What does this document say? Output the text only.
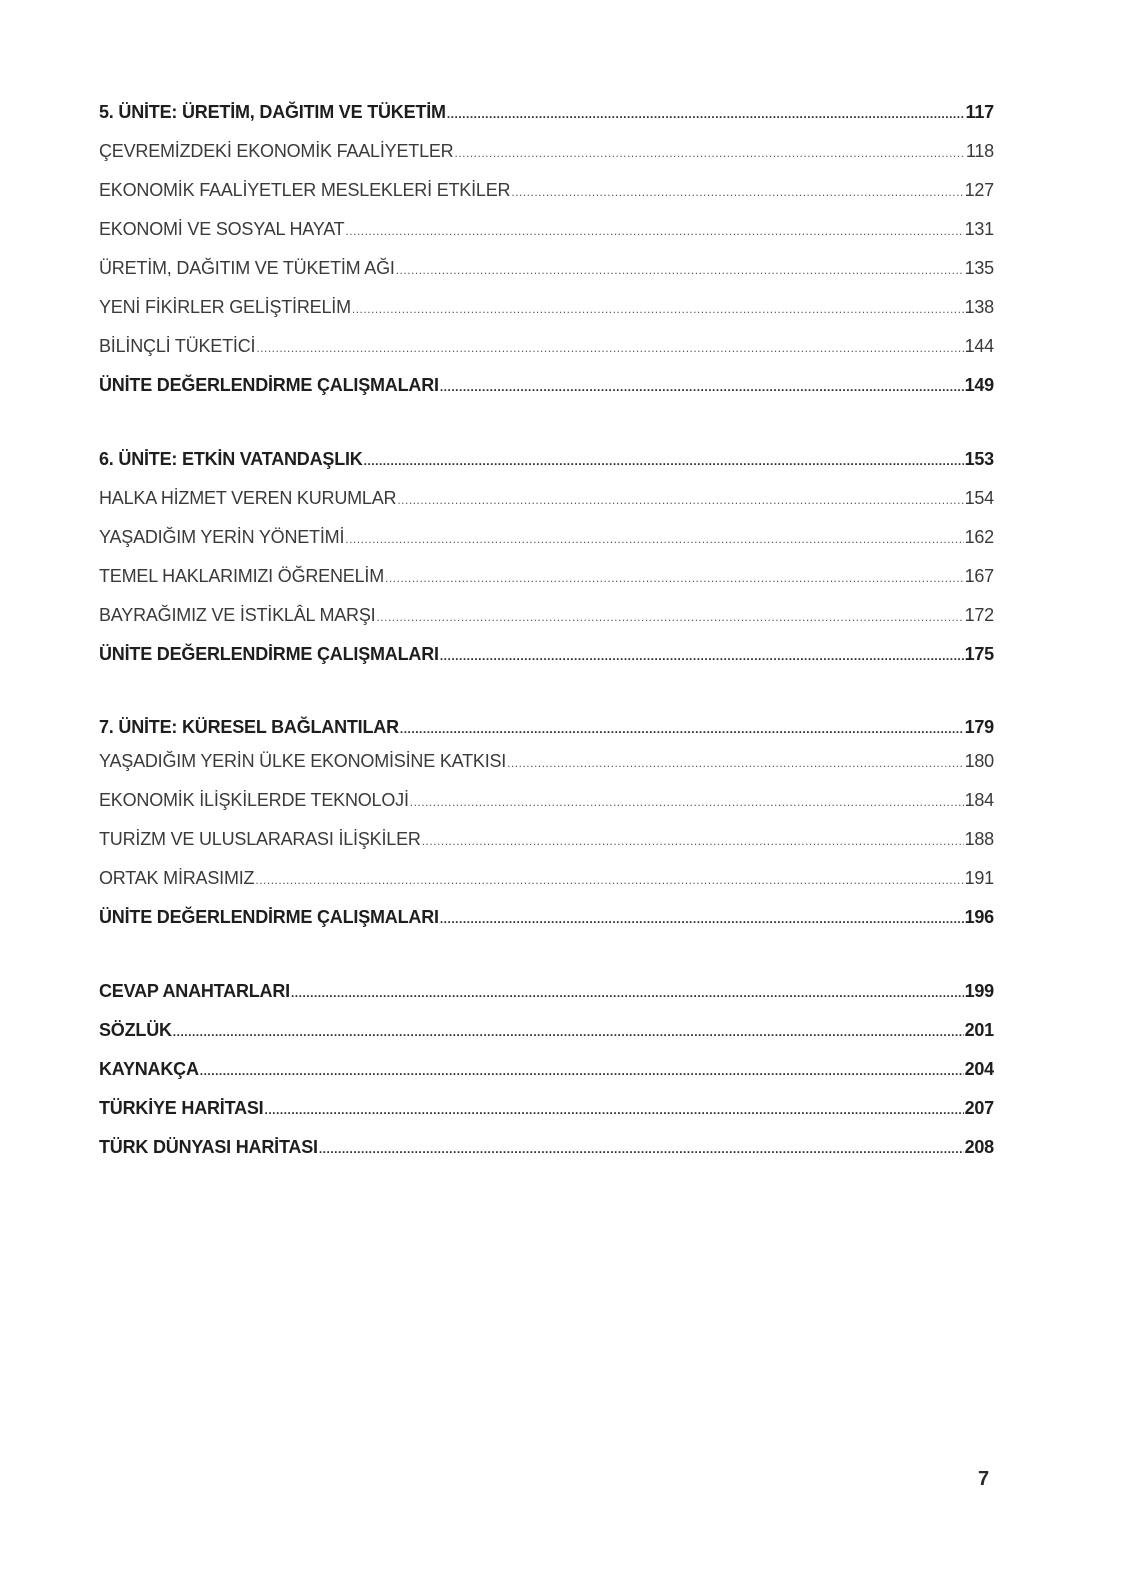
5. ÜNİTE: ÜRETİM, DAĞITIM VE TÜKETİM .....	117
ÇEVREMİZDEKİ EKONOMİK FAALİYETLER .....	118
EKONOMİK FAALİYETLER MESLEKLERİ ETKİLER .....	127
EKONOMİ VE SOSYAL HAYAT .....	131
ÜRETİM, DAĞITIM VE TÜKETİM AĞI .....	135
YENİ FİKİRLER GELİŞTİRELİM .....	138
BİLİNÇLİ TÜKETİCİ .....	144
ÜNİTE DEĞERLENDİRME ÇALIŞMALARI .....	149
6. ÜNİTE: ETKİN VATANDAŞLIK .....	153
HALKA HİZMET VEREN KURUMLAR .....	154
YAŞADIĞIM YERİN YÖNETİMİ .....	162
TEMEL HAKLARIMIZI ÖĞRENELİM .....	167
BAYRAĞIMIZ VE İSTİKLÂL MARŞI .....	172
ÜNİTE DEĞERLENDİRME ÇALIŞMALARI .....	175
7. ÜNİTE: KÜRESEL BAĞLANTILAR .....	179
YAŞADIĞIM YERİN ÜLKE EKONOMİSİNE KATKISI .....	180
EKONOMİK İLİŞKİLERDE TEKNOLOJİ .....	184
TURİZM VE ULUSLARARASI İLİŞKİLER .....	188
ORTAK MİRASIMIZ .....	191
ÜNİTE DEĞERLENDİRME ÇALIŞMALARI .....	196
CEVAP ANAHTARLARI .....	199
SÖZLÜK .....	201
KAYNAKÇA .....	204
TÜRKİYE HARİTASI .....	207
TÜRK DÜNYASI HARİTASI .....	208
7
